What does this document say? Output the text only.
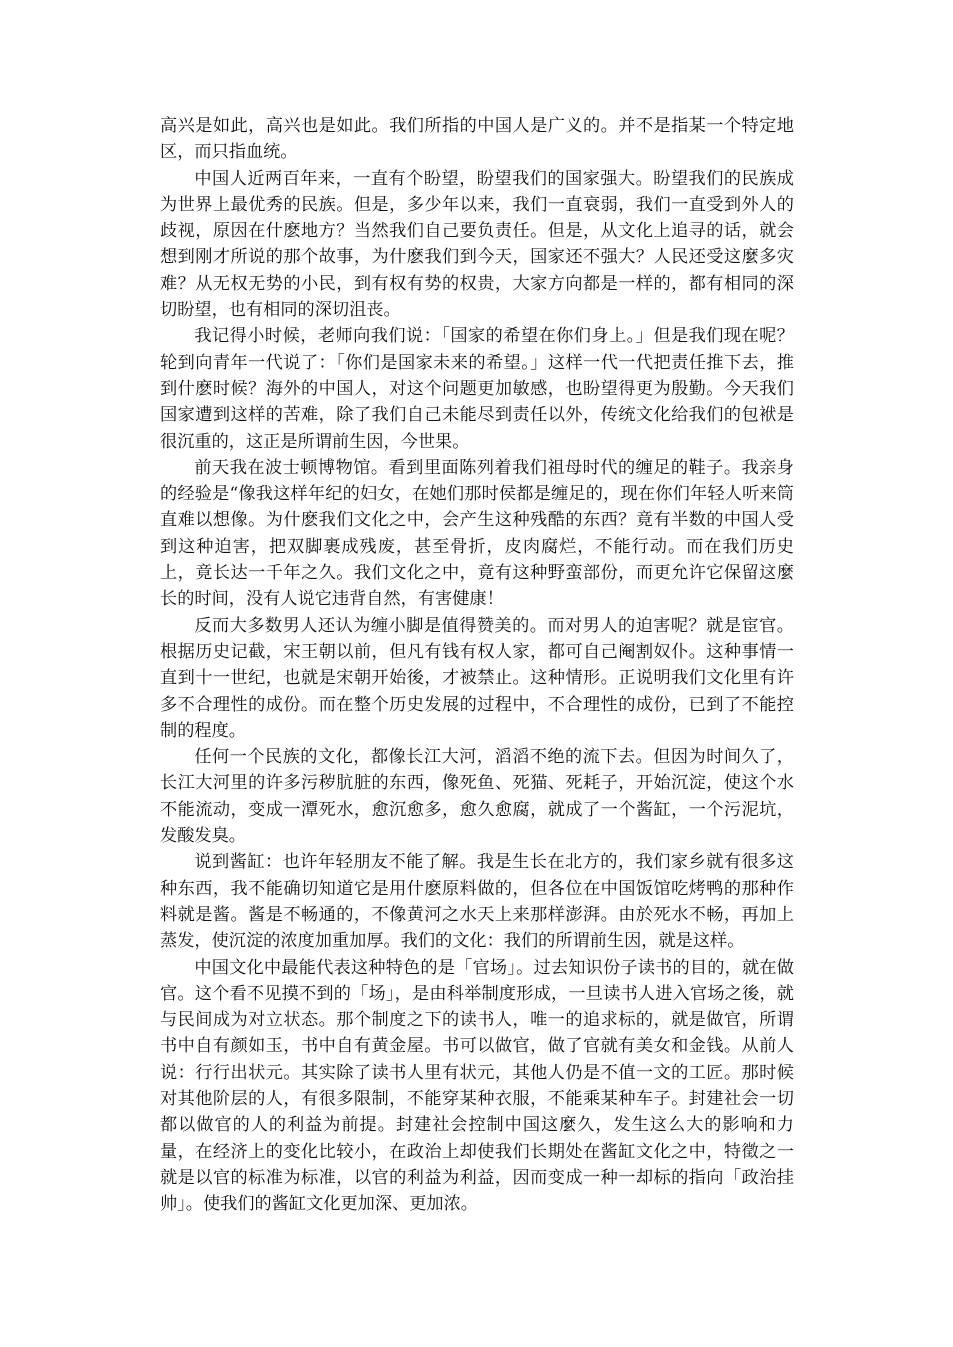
高兴是如此，高兴也是如此。我们所指的中国人是广义的。并不是指某一个特定地区，而只指血统。

中国人近两百年来，一直有个盼望，盼望我们的国家强大。盼望我们的民族成为世界上最优秀的民族。但是，多少年以来，我们一直衰弱，我们一直受到外人的歧视，原因在什麽地方？当然我们自己要负责任。但是，从文化上追寻的话，就会想到刚才所说的那个故事，为什麽我们到今天，国家还不强大？人民还受这麼多灾难？从无权无势的小民，到有权有势的权贵，大家方向都是一样的，都有相同的深切盼望，也有相同的深切沮丧。

我记得小时候，老师向我们说：「国家的希望在你们身上。」但是我们现在呢？轮到向青年一代说了：「你们是国家未来的希望。」这样一代一代把责任推下去，推到什麽时候？海外的中国人，对这个问题更加敏感，也盼望得更为殷勤。今天我们国家遭到这样的苦难，除了我们自己未能尽到责任以外，传统文化给我们的包袱是很沉重的，这正是所谓前生因，今世果。

前天我在波士顿博物馆。看到里面陈列着我们祖母时代的缠足的鞋子。我亲身的经验是“像我这样年纪的妇女，在她们那时侯都是缠足的，现在你们年轻人听来筒直难以想像。为什麽我们文化之中，会产生这种残酷的东西？竟有半数的中国人受到这种迫害，把双脚裹成残废，甚至骨折，皮肉腐烂，不能行动。而在我们历史上，竟长达一千年之久。我们文化之中，竟有这种野蛮部份，而更允许它保留这麼长的时间，没有人说它违背自然，有害健康！

反而大多数男人还认为缠小脚是值得赞美的。而对男人的迫害呢？就是宦官。根据历史记截，宋王朝以前，但凡有钱有权人家，都可自己阉割奴仆。这种事情一直到十一世纪，也就是宋朝开始後，才被禁止。这种情形。正说明我们文化里有许多不合理性的成份。而在整个历史发展的过程中，不合理性的成份，已到了不能控制的程度。

任何一个民族的文化，都像长江大河，滔滔不绝的流下去。但因为时间久了，长江大河里的许多污秽肮脏的东西，像死鱼、死猫、死耗子，开始沉淀，使这个水不能流动，变成一潭死水，愈沉愈多，愈久愈腐，就成了一个酱缸，一个污泥坑，发酸发臭。

说到酱缸：也许年轻朋友不能了解。我是生长在北方的，我们家乡就有很多这种东西，我不能确切知道它是用什麽原料做的，但各位在中国饭馆吃烤鸭的那种作料就是酱。酱是不畅通的，不像黄河之水天上来那样澎湃。由於死水不畅，再加上蒸发，使沉淀的浓度加重加厚。我们的文化：我们的所谓前生因，就是这样。

中国文化中最能代表这种特色的是「官场」。过去知识份子读书的目的，就在做官。这个看不见摸不到的「场」，是由科举制度形成，一旦读书人进入官场之後，就与民间成为对立状态。那个制度之下的读书人，唯一的追求标的，就是做官，所谓书中自有颜如玉，书中自有黄金屋。书可以做官，做了官就有美女和金钱。从前人说：行行出状元。其实除了读书人里有状元，其他人仍是不值一文的工匠。那时候对其他阶层的人，有很多限制，不能穿某种衣服，不能乘某种车子。封建社会一切都以做官的人的利益为前提。封建社会控制中国这麼久，发生这么大的影响和力量，在经济上的变化比较小，在政治上却使我们长期处在酱缸文化之中，特徵之一就是以官的标准为标准，以官的利益为利益，因而变成一种一却标的指向「政治挂帅」。使我们的酱缸文化更加深、更加浓。
